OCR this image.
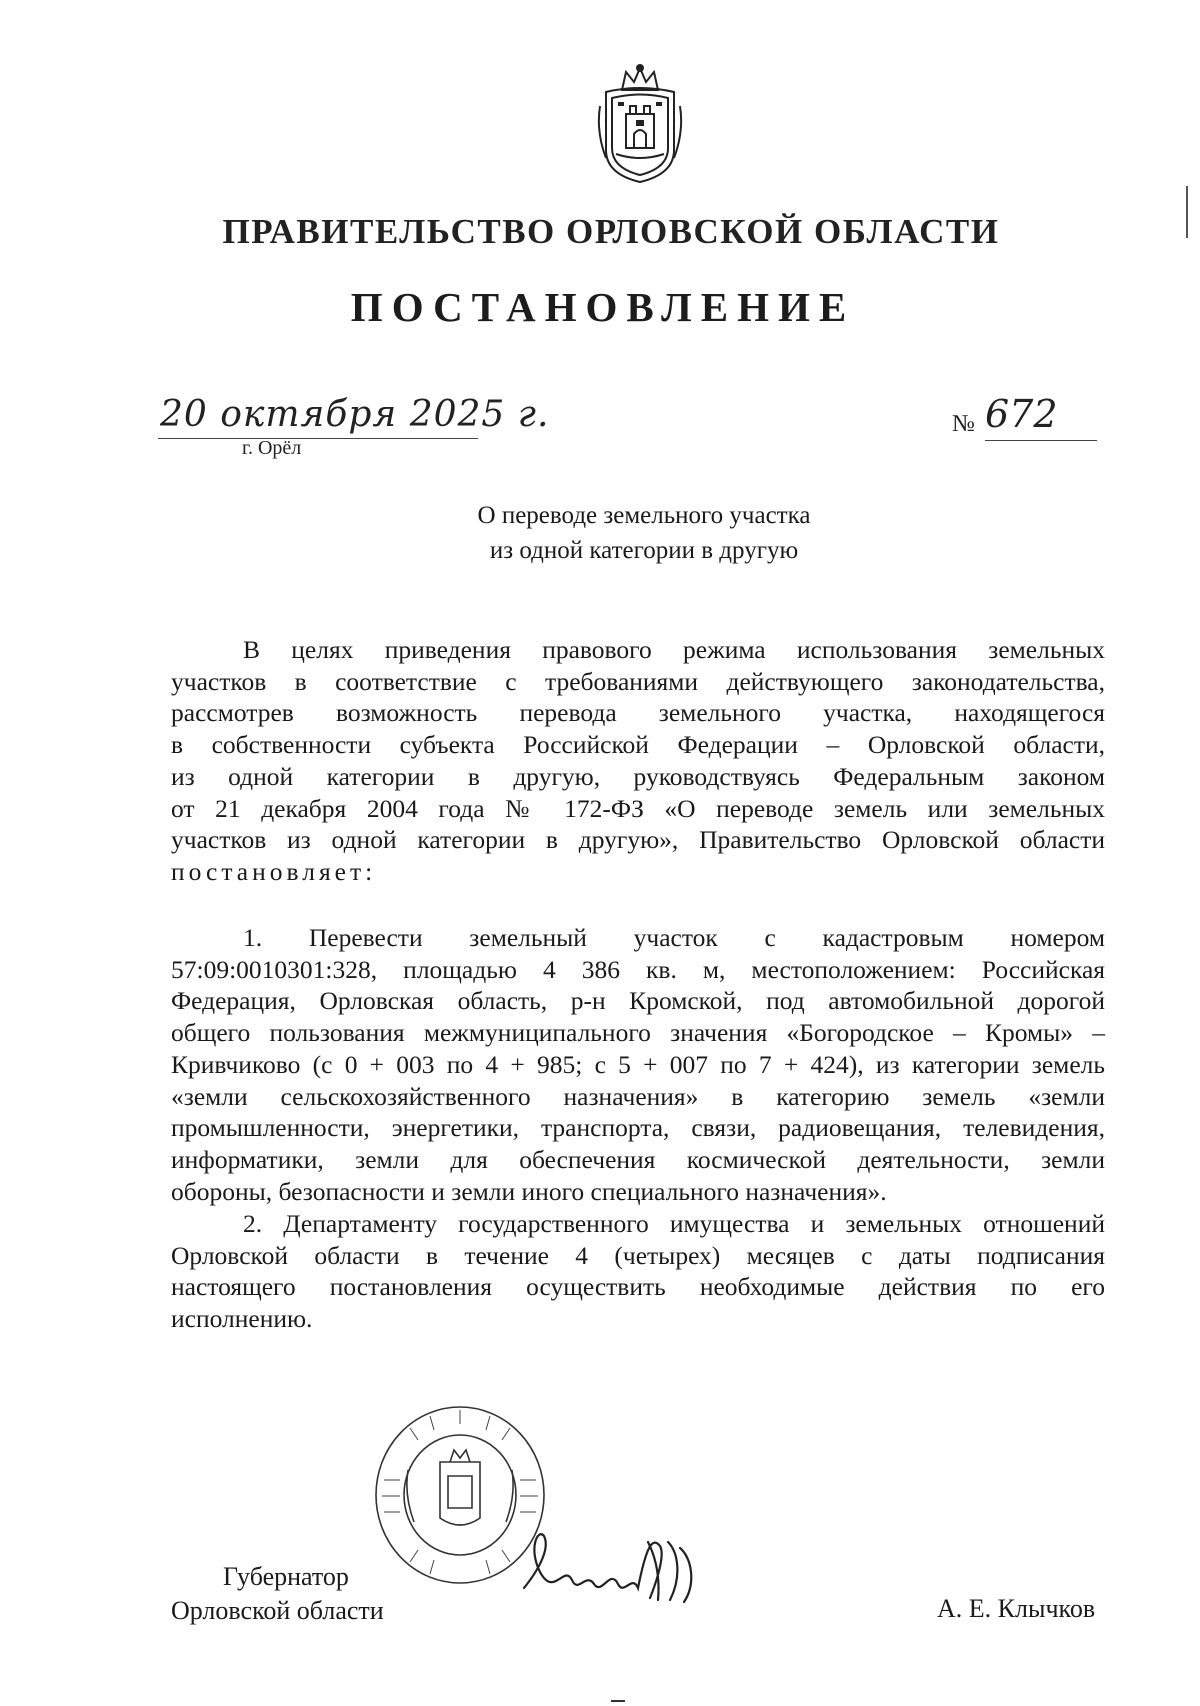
ПРАВИТЕЛЬСТВО ОРЛОВСКОЙ ОБЛАСТИ
ПОСТАНОВЛЕНИЕ
20 октября 2025 г.
г. Орёл
№ 672
О переводе земельного участка
из одной категории в другую
В целях приведения правового режима использования земельных
участков в соответствие с требованиями действующего законодательства,
рассмотрев возможность перевода земельного участка, находящегося
в собственности субъекта Российской Федерации – Орловской области,
из одной категории в другую, руководствуясь Федеральным законом
от 21 декабря 2004 года № 172-ФЗ «О переводе земель или земельных
участков из одной категории в другую», Правительство Орловской области
постановляет:
1. Перевести земельный участок с кадастровым номером
57:09:0010301:328, площадью 4 386 кв. м, местоположением: Российская
Федерация, Орловская область, р-н Кромской, под автомобильной дорогой
общего пользования межмуниципального значения «Богородское – Кромы» –
Кривчиково (с 0 + 003 по 4 + 985; с 5 + 007 по 7 + 424), из категории земель
«земли сельскохозяйственного назначения» в категорию земель «земли
промышленности, энергетики, транспорта, связи, радиовещания, телевидения,
информатики, земли для обеспечения космической деятельности, земли
обороны, безопасности и земли иного специального назначения».
2. Департаменту государственного имущества и земельных отношений
Орловской области в течение 4 (четырех) месяцев с даты подписания
настоящего постановления осуществить необходимые действия по его
исполнению.
Губернатор
Орловской области	А. Е. Клычков
